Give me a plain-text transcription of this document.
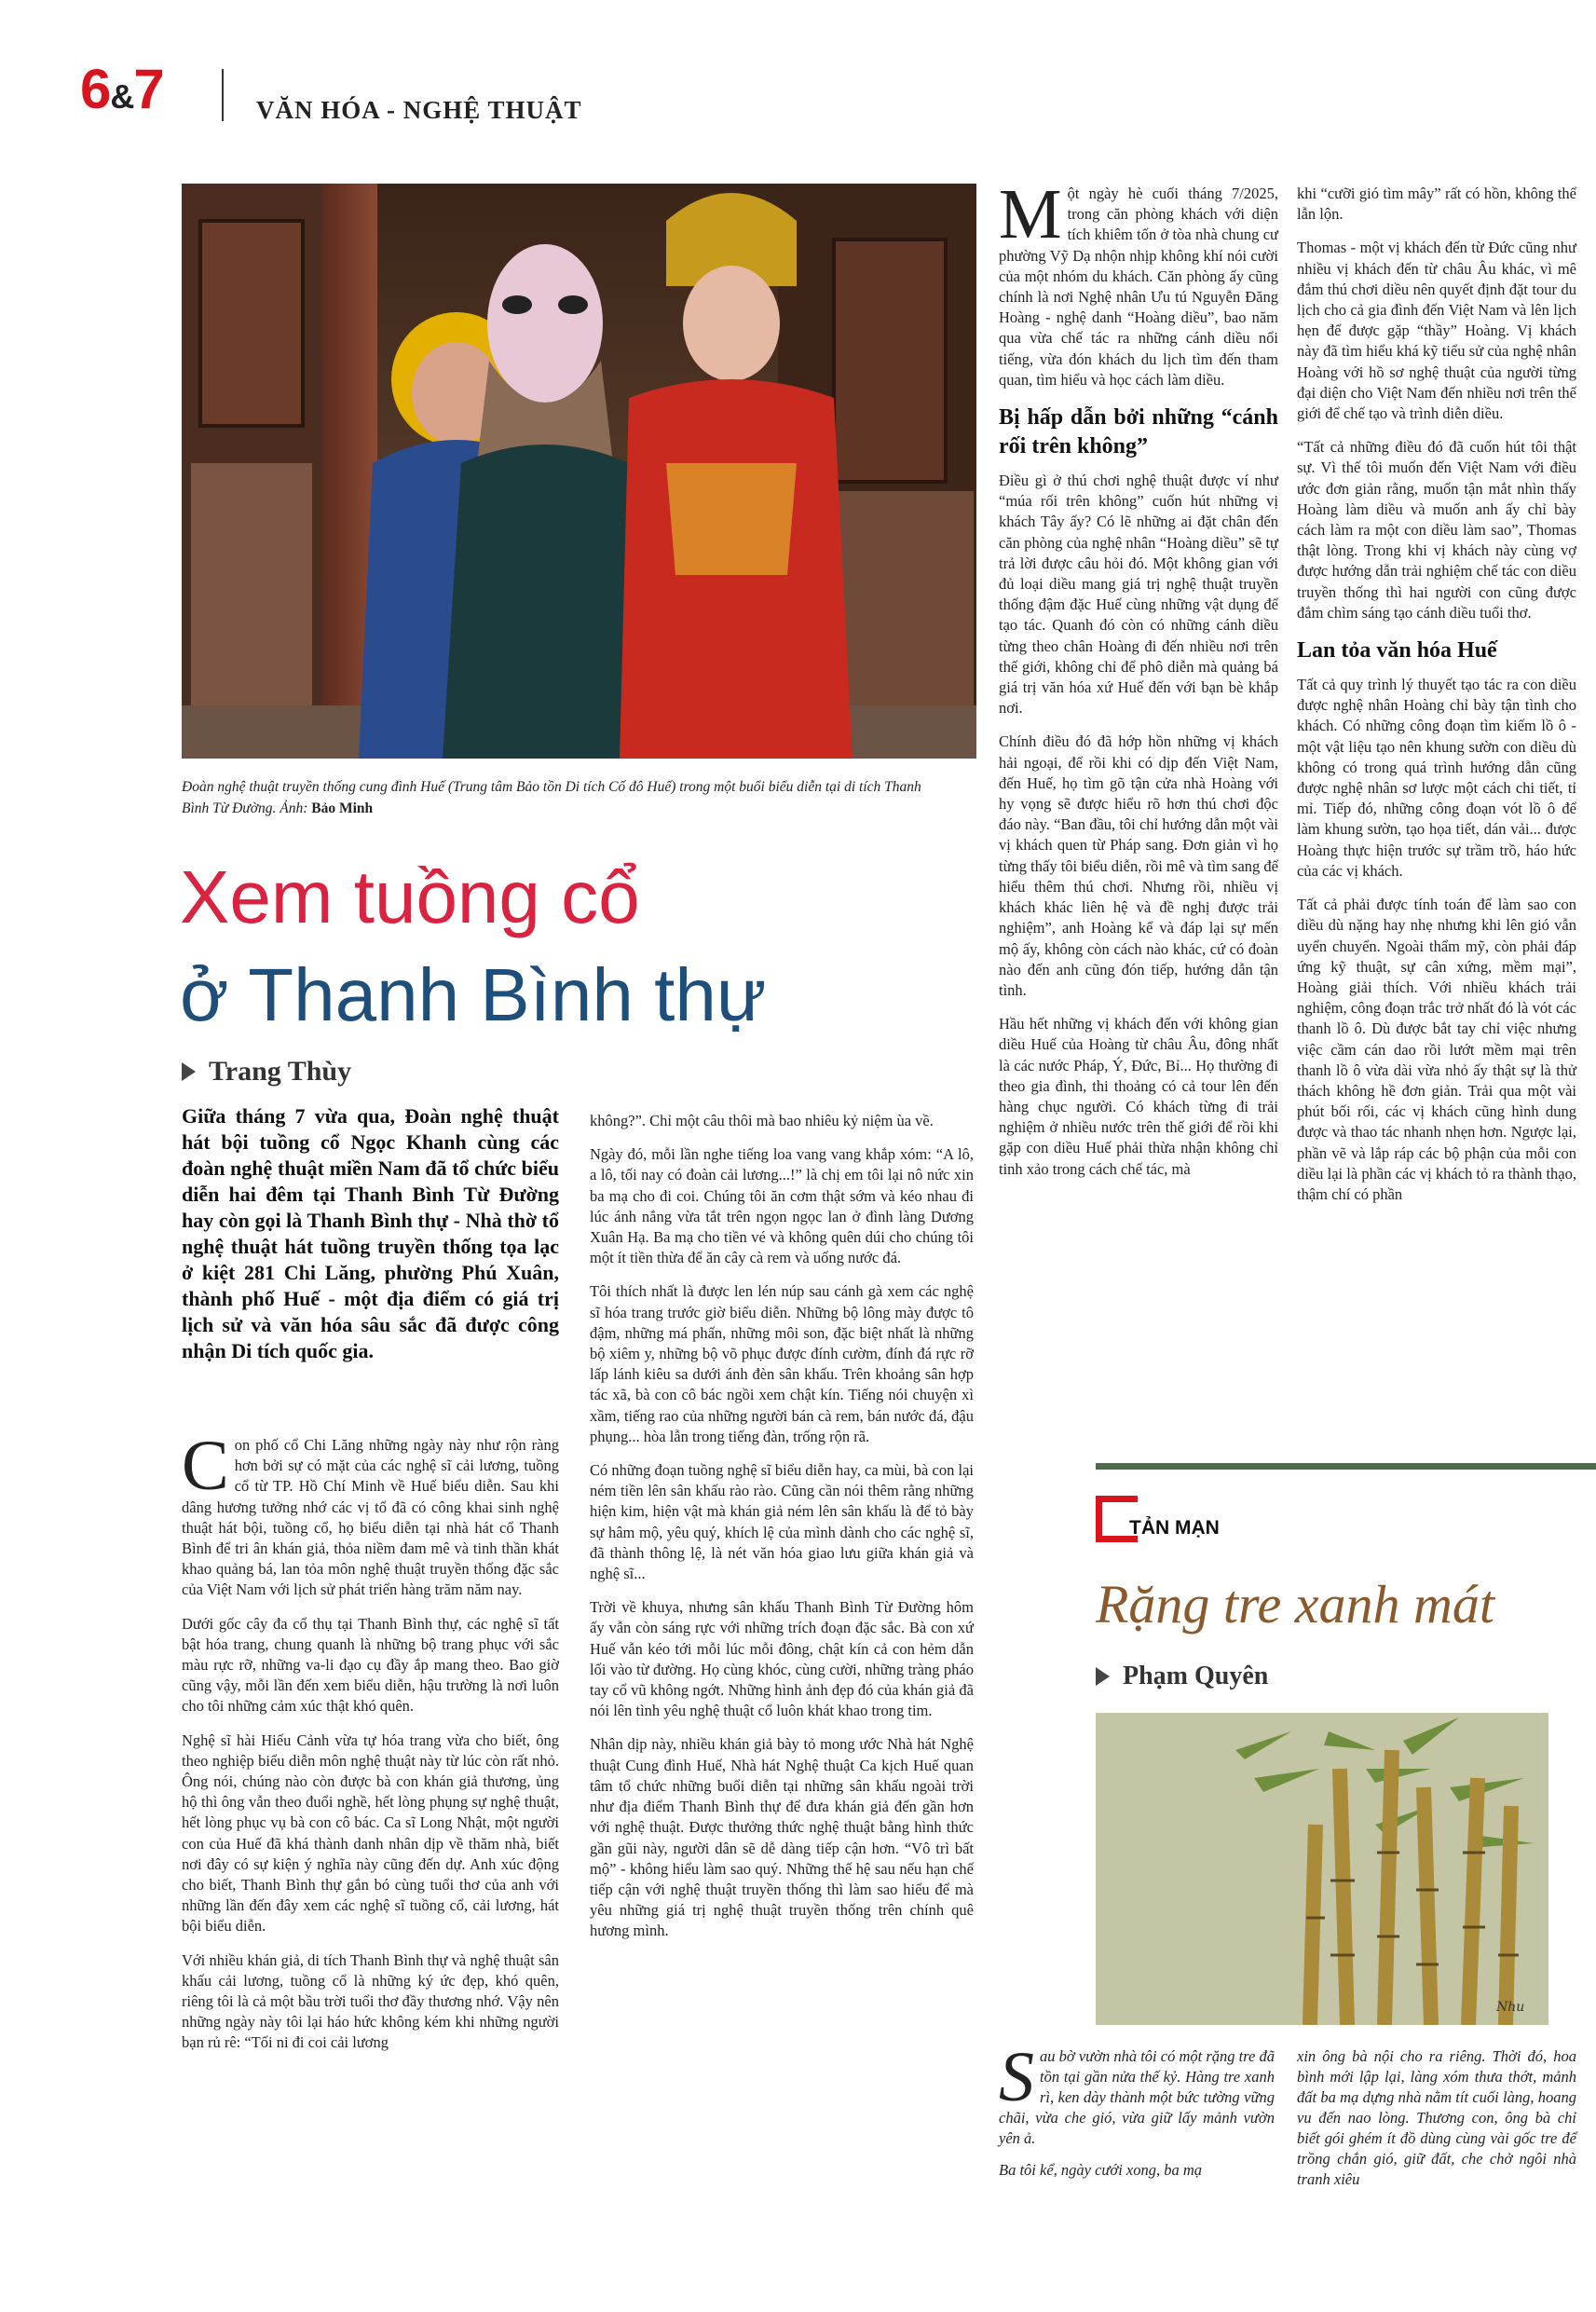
6&7	VĂN HÓA - NGHỆ THUẬT
Đoàn nghệ thuật truyền thống cung đình Huế (Trung tâm Bảo tồn Di tích Cố đô Huế) trong một buổi biểu diễn tại di tích Thanh Bình Từ Đường. Ảnh: Bảo Minh
Xem tuồng cổ
ở Thanh Bình thự
Trang Thùy
Giữa tháng 7 vừa qua, Đoàn nghệ thuật hát bội tuồng cổ Ngọc Khanh cùng các đoàn nghệ thuật miền Nam đã tổ chức biểu diễn hai đêm tại Thanh Bình Từ Đường hay còn gọi là Thanh Bình thự - Nhà thờ tổ nghệ thuật hát tuồng truyền thống tọa lạc ở kiệt 281 Chi Lăng, phường Phú Xuân, thành phố Huế - một địa điểm có giá trị lịch sử và văn hóa sâu sắc đã được công nhận Di tích quốc gia.

Con phố cổ Chi Lăng những ngày này như rộn ràng hơn bởi sự có mặt của các nghệ sĩ cải lương, tuồng cổ từ TP. Hồ Chí Minh về Huế biểu diễn. Sau khi dâng hương tưởng nhớ các vị tổ đã có công khai sinh nghệ thuật hát bội, tuồng cổ, họ biểu diễn tại nhà hát cổ Thanh Bình để tri ân khán giả, thỏa niềm đam mê và tinh thần khát khao quảng bá, lan tỏa môn nghệ thuật truyền thống đặc sắc của Việt Nam với lịch sử phát triển hàng trăm năm nay.

Dưới gốc cây đa cổ thụ tại Thanh Bình thự, các nghệ sĩ tất bật hóa trang, chung quanh là những bộ trang phục với sắc màu rực rỡ, những va-li đạo cụ đầy ắp mang theo. Bao giờ cũng vậy, mỗi lần đến xem biểu diễn, hậu trường là nơi luôn cho tôi những cảm xúc thật khó quên.

Nghệ sĩ hài Hiếu Cảnh vừa tự hóa trang vừa cho biết, ông theo nghiệp biểu diễn môn nghệ thuật này từ lúc còn rất nhỏ. Ông nói, chúng nào còn được bà con khán giả thương, ủng hộ thì ông vẫn theo đuổi nghề, hết lòng phụng sự nghệ thuật, hết lòng phục vụ bà con cô bác. Ca sĩ Long Nhật, một người con của Huế đã khá thành danh nhân dịp về thăm nhà, biết nơi đây có sự kiện ý nghĩa này cũng đến dự. Anh xúc động cho biết, Thanh Bình thự gắn bó cùng tuổi thơ của anh với những lần đến đây xem các nghệ sĩ tuồng cổ, cải lương, hát bội biểu diễn.

Với nhiều khán giả, di tích Thanh Bình thự và nghệ thuật sân khấu cải lương, tuồng cổ là những ký ức đẹp, khó quên, riêng tôi là cả một bầu trời tuổi thơ đầy thương nhớ. Vậy nên những ngày này tôi lại háo hức không kém khi những người bạn rủ rê: “Tối ni đi coi cải lương

không?”. Chỉ một câu thôi mà bao nhiêu kỷ niệm ùa về.

Ngày đó, mỗi lần nghe tiếng loa vang vang khắp xóm: “A lô, a lô, tối nay có đoàn cải lương...!” là chị em tôi lại nô nức xin ba mạ cho đi coi. Chúng tôi ăn cơm thật sớm và kéo nhau đi lúc ánh nắng vừa tắt trên ngọn ngọc lan ở đình làng Dương Xuân Hạ. Ba mạ cho tiền vé và không quên dúi cho chúng tôi một ít tiền thừa để ăn cây cà rem và uống nước đá.

Tôi thích nhất là được len lén núp sau cánh gà xem các nghệ sĩ hóa trang trước giờ biểu diễn. Những bộ lông mày được tô đậm, những má phấn, những môi son, đặc biệt nhất là những bộ xiêm y, những bộ võ phục được đính cườm, đính đá rực rỡ lấp lánh kiêu sa dưới ánh đèn sân khấu. Trên khoảng sân hợp tác xã, bà con cô bác ngồi xem chật kín. Tiếng nói chuyện xì xầm, tiếng rao của những người bán cà rem, bán nước đá, đậu phụng... hòa lẫn trong tiếng đàn, trống rộn rã.

Có những đoạn tuồng nghệ sĩ biểu diễn hay, ca mùi, bà con lại ném tiền lên sân khấu rào rào. Cũng cần nói thêm rằng những hiện kim, hiện vật mà khán giả ném lên sân khấu là để tỏ bày sự hâm mộ, yêu quý, khích lệ của mình dành cho các nghệ sĩ, đã thành thông lệ, là nét văn hóa giao lưu giữa khán giả và nghệ sĩ...

Trời về khuya, nhưng sân khấu Thanh Bình Từ Đường hôm ấy vẫn còn sáng rực với những trích đoạn đặc sắc. Bà con xứ Huế vẫn kéo tới mỗi lúc mỗi đông, chật kín cả con hẻm dẫn lối vào từ đường. Họ cùng khóc, cùng cười, những tràng pháo tay cổ vũ không ngớt. Những hình ảnh đẹp đó của khán giả đã nói lên tình yêu nghệ thuật cổ luôn khát khao trong tim.

Nhân dịp này, nhiều khán giả bày tỏ mong ước Nhà hát Nghệ thuật Cung đình Huế, Nhà hát Nghệ thuật Ca kịch Huế quan tâm tổ chức những buổi diễn tại những sân khấu ngoài trời như địa điểm Thanh Bình thự để đưa khán giả đến gần hơn với nghệ thuật. Được thưởng thức nghệ thuật bằng hình thức gần gũi này, người dân sẽ dễ dàng tiếp cận hơn. “Vô trì bất mộ” - không hiểu làm sao quý. Những thế hệ sau nếu hạn chế tiếp cận với nghệ thuật truyền thống thì làm sao hiểu để mà yêu những giá trị nghệ thuật truyền thống trên chính quê hương mình.

Một ngày hè cuối tháng 7/2025, trong căn phòng khách với diện tích khiêm tốn ở tòa nhà chung cư phường Vỹ Dạ nhộn nhịp không khí nói cười của một nhóm du khách. Căn phòng ấy cũng chính là nơi Nghệ nhân Ưu tú Nguyễn Đăng Hoàng - nghệ danh “Hoàng diều”, bao năm qua vừa chế tác ra những cánh diều nổi tiếng, vừa đón khách du lịch tìm đến tham quan, tìm hiểu và học cách làm diều.

Bị hấp dẫn bởi những “cánh rối trên không”

Điều gì ở thú chơi nghệ thuật được ví như “múa rối trên không” cuốn hút những vị khách Tây ấy? Có lẽ những ai đặt chân đến căn phòng của nghệ nhân “Hoàng diều” sẽ tự trả lời được câu hỏi đó. Một không gian với đủ loại diều mang giá trị nghệ thuật truyền thống đậm đặc Huế cùng những vật dụng để tạo tác. Quanh đó còn có những cánh diều từng theo chân Hoàng đi đến nhiều nơi trên thế giới, không chỉ để phô diễn mà quảng bá giá trị văn hóa xứ Huế đến với bạn bè khắp nơi.

Chính điều đó đã hớp hồn những vị khách hải ngoại, để rồi khi có dịp đến Việt Nam, đến Huế, họ tìm gõ tận cửa nhà Hoàng với hy vọng sẽ được hiểu rõ hơn thú chơi độc đáo này. “Ban đầu, tôi chỉ hướng dẫn một vài vị khách quen từ Pháp sang. Đơn giản vì họ từng thấy tôi biểu diễn, rồi mê và tìm sang để hiểu thêm thú chơi. Nhưng rồi, nhiều vị khách khác liên hệ và đề nghị được trải nghiệm”, anh Hoàng kể và đáp lại sự mến mộ ấy, không còn cách nào khác, cứ có đoàn nào đến anh cũng đón tiếp, hướng dẫn tận tình.

Hầu hết những vị khách đến với không gian diều Huế của Hoàng từ châu Âu, đông nhất là các nước Pháp, Ý, Đức, Bỉ... Họ thường đi theo gia đình, thi thoảng có cả tour lên đến hàng chục người. Có khách từng đi trải nghiệm ở nhiều nước trên thế giới để rồi khi gặp con diều Huế phải thừa nhận không chỉ tinh xảo trong cách chế tác, mà

khi “cưỡi gió tìm mây” rất có hồn, không thể lẫn lộn.

Thomas - một vị khách đến từ Đức cũng như nhiều vị khách đến từ châu Âu khác, vì mê đắm thú chơi diều nên quyết định đặt tour du lịch cho cả gia đình đến Việt Nam và lên lịch hẹn để được gặp “thầy” Hoàng. Vị khách này đã tìm hiểu khá kỹ tiểu sử của nghệ nhân Hoàng với hồ sơ nghệ thuật của người từng đại diện cho Việt Nam đến nhiều nơi trên thế giới để chế tạo và trình diễn diều.

“Tất cả những điều đó đã cuốn hút tôi thật sự. Vì thế tôi muốn đến Việt Nam với điều ước đơn giản rằng, muốn tận mắt nhìn thấy Hoàng làm diều và muốn anh ấy chỉ bày cách làm ra một con diều làm sao”, Thomas thật lòng. Trong khi vị khách này cùng vợ được hướng dẫn trải nghiệm chế tác con diều truyền thống thì hai người con cũng được đắm chìm sáng tạo cánh diều tuổi thơ.

Lan tỏa văn hóa Huế

Tất cả quy trình lý thuyết tạo tác ra con diều được nghệ nhân Hoàng chỉ bày tận tình cho khách. Có những công đoạn tìm kiếm lồ ô - một vật liệu tạo nên khung sườn con diều dù không có trong quá trình hướng dẫn cũng được nghệ nhân sơ lược một cách chi tiết, tỉ mỉ. Tiếp đó, những công đoạn vót lồ ô để làm khung sườn, tạo họa tiết, dán vải... được Hoàng thực hiện trước sự trầm trồ, háo hức của các vị khách.

Tất cả phải được tính toán để làm sao con diều dù nặng hay nhẹ nhưng khi lên gió vẫn uyển chuyển. Ngoài thẩm mỹ, còn phải đáp ứng kỹ thuật, sự cân xứng, mềm mại”, Hoàng giải thích. Với nhiều khách trải nghiệm, công đoạn trắc trở nhất đó là vót các thanh lồ ô. Dù được bắt tay chỉ việc nhưng việc cầm cán dao rồi lướt mềm mại trên thanh lồ ô vừa dài vừa nhỏ ấy thật sự là thử thách không hề đơn giản. Trải qua một vài phút bối rối, các vị khách cũng hình dung được và thao tác nhanh nhẹn hơn. Ngược lại, phần vẽ và lắp ráp các bộ phận của mỗi con diều lại là phần các vị khách tỏ ra thành thạo, thậm chí có phần

TẢN MẠN
Rặng tre xanh mát
Phạm Quyên
Nhu

Sau bờ vườn nhà tôi có một rặng tre đã tồn tại gần nửa thế kỷ. Hàng tre xanh rì, ken dày thành một bức tường vững chãi, vừa che gió, vừa giữ lấy mảnh vườn yên ả.

Ba tôi kể, ngày cưới xong, ba mạ

xin ông bà nội cho ra riêng. Thời đó, hoa bình mới lập lại, làng xóm thưa thớt, mảnh đất ba mạ dựng nhà nằm tít cuối làng, hoang vu đến nao lòng. Thương con, ông bà chỉ biết gói ghém ít đồ dùng cùng vài gốc tre để trồng chắn gió, giữ đất, che chở ngôi nhà tranh xiêu
